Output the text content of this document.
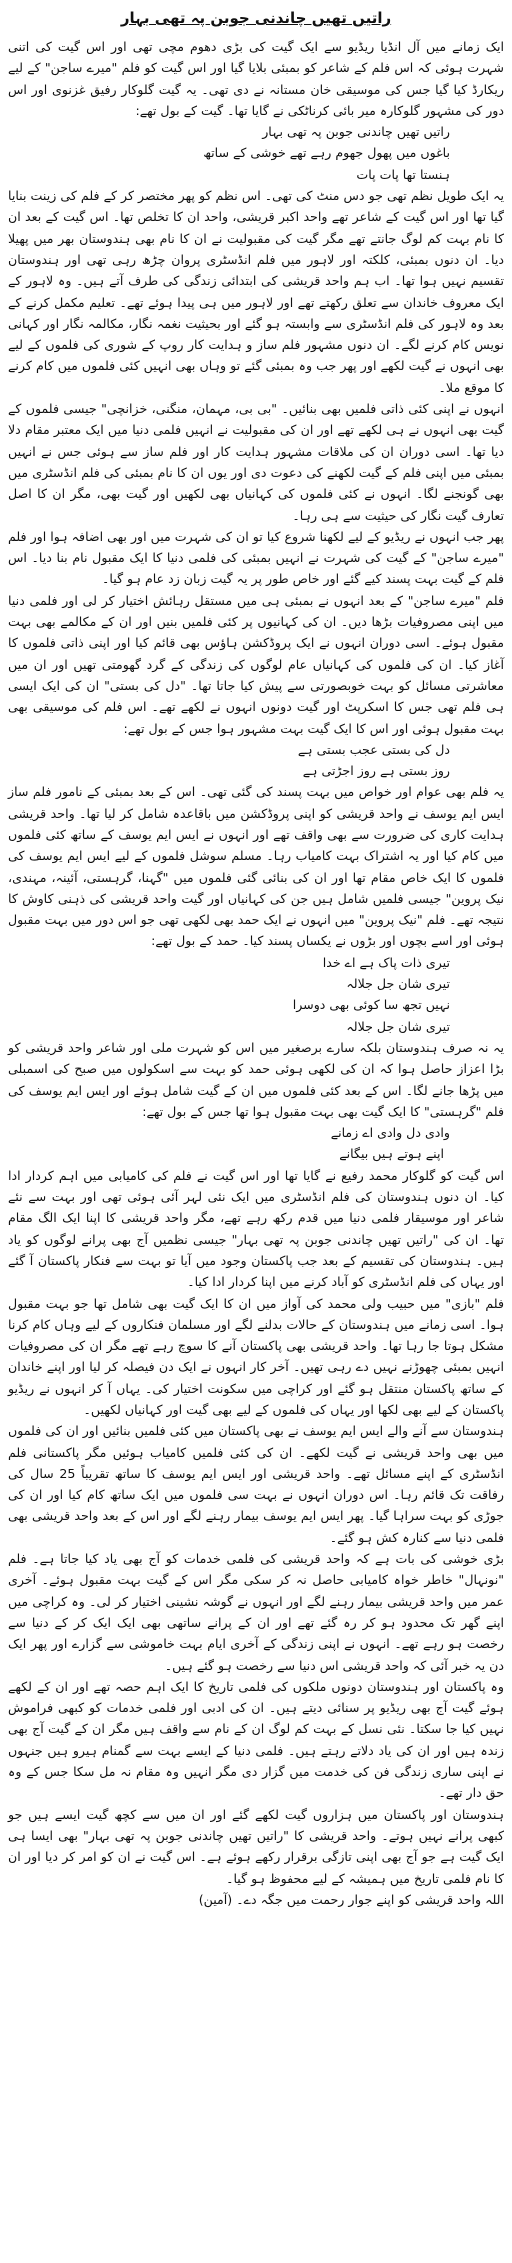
راتیں تھیں چاندنی جوبن پہ تھی بہار

ایک زمانے میں آل انڈیا ریڈیو سے ایک گیت کی بڑی دھوم مچی تھی اور اس گیت کی اتنی شہرت ہوئی کہ اس فلم کے شاعر کو بمبئی بلایا گیا اور اس گیت کو فلم "میرے ساجن" کے لیے ریکارڈ کیا گیا جس کی موسیقی خان مستانہ نے دی تھی۔ یہ گیت گلوکار رفیق غزنوی اور اس دور کی مشہور گلوکارہ میر بائی کرناٹکی نے گایا تھا۔ گیت کے بول تھے:

راتیں تھیں چاندنی جوبن پہ تھی بہار

باغوں میں پھول جھوم رہے تھے خوشی کے ساتھ

ہنستا تھا پات پات

یہ ایک طویل نظم تھی جو دس منٹ کی تھی۔ اس نظم کو پھر مختصر کر کے فلم کی زینت بنایا گیا تھا اور اس گیت کے شاعر تھے واحد اکبر قریشی، واحد ان کا تخلص تھا۔ اس گیت کے بعد ان کا نام بہت کم لوگ جانتے تھے مگر گیت کی مقبولیت نے ان کا نام بھی ہندوستان بھر میں پھیلا دیا۔ ان دنوں بمبئی، کلکتہ اور لاہور میں فلم انڈسٹری پروان چڑھ رہی تھی اور ہندوستان تقسیم نہیں ہوا تھا۔ اب ہم واحد قریشی کی ابتدائی زندگی کی طرف آتے ہیں۔ وہ لاہور کے ایک معروف خاندان سے تعلق رکھتے تھے اور لاہور میں ہی پیدا ہوئے تھے۔ تعلیم مکمل کرنے کے بعد وہ لاہور کی فلم انڈسٹری سے وابستہ ہو گئے اور بحیثیت نغمہ نگار، مکالمہ نگار اور کہانی نویس کام کرنے لگے۔ ان دنوں مشہور فلم ساز و ہدایت کار روپ کے شوری کی فلموں کے لیے بھی انہوں نے گیت لکھے اور پھر جب وہ بمبئی گئے تو وہاں بھی انہیں کئی فلموں میں کام کرنے کا موقع ملا۔

انہوں نے اپنی کئی ذاتی فلمیں بھی بنائیں۔ "بی بی، مہمان، منگنی، خزانچی" جیسی فلموں کے گیت بھی انہوں نے ہی لکھے تھے اور ان کی مقبولیت نے انہیں فلمی دنیا میں ایک معتبر مقام دلا دیا تھا۔ اسی دوران ان کی ملاقات مشہور ہدایت کار اور فلم ساز سے ہوئی جس نے انہیں بمبئی میں اپنی فلم کے گیت لکھنے کی دعوت دی اور یوں ان کا نام بمبئی کی فلم انڈسٹری میں بھی گونجنے لگا۔ انہوں نے کئی فلموں کی کہانیاں بھی لکھیں اور گیت بھی، مگر ان کا اصل تعارف گیت نگار کی حیثیت سے ہی رہا۔

پھر جب انہوں نے ریڈیو کے لیے لکھنا شروع کیا تو ان کی شہرت میں اور بھی اضافہ ہوا اور فلم "میرے ساجن" کے گیت کی شہرت نے انہیں بمبئی کی فلمی دنیا کا ایک مقبول نام بنا دیا۔ اس فلم کے گیت بہت پسند کیے گئے اور خاص طور پر یہ گیت زبان زد عام ہو گیا۔

فلم "میرے ساجن" کے بعد انہوں نے بمبئی ہی میں مستقل رہائش اختیار کر لی اور فلمی دنیا میں اپنی مصروفیات بڑھا دیں۔ ان کی کہانیوں پر کئی فلمیں بنیں اور ان کے مکالمے بھی بہت مقبول ہوئے۔ اسی دوران انہوں نے ایک پروڈکشن ہاؤس بھی قائم کیا اور اپنی ذاتی فلموں کا آغاز کیا۔ ان کی فلموں کی کہانیاں عام لوگوں کی زندگی کے گرد گھومتی تھیں اور ان میں معاشرتی مسائل کو بہت خوبصورتی سے پیش کیا جاتا تھا۔ "دل کی بستی" ان کی ایک ایسی ہی فلم تھی جس کا اسکرپٹ اور گیت دونوں انہوں نے لکھے تھے۔ اس فلم کی موسیقی بھی بہت مقبول ہوئی اور اس کا ایک گیت بہت مشہور ہوا جس کے بول تھے:

دل کی بستی عجب بستی ہے

روز بستی ہے روز اجڑتی ہے

یہ فلم بھی عوام اور خواص میں بہت پسند کی گئی تھی۔ اس کے بعد بمبئی کے نامور فلم ساز ایس ایم یوسف نے واحد قریشی کو اپنی پروڈکشن میں باقاعدہ شامل کر لیا تھا۔ واحد قریشی ہدایت کاری کی ضرورت سے بھی واقف تھے اور انہوں نے ایس ایم یوسف کے ساتھ کئی فلموں میں کام کیا اور یہ اشتراک بہت کامیاب رہا۔ مسلم سوشل فلموں کے لیے ایس ایم یوسف کی فلموں کا ایک خاص مقام تھا اور ان کی بنائی گئی فلموں میں "گہنا، گرہستی، آئینہ، مہندی، نیک پروین" جیسی فلمیں شامل ہیں جن کی کہانیاں اور گیت واحد قریشی کی ذہنی کاوش کا نتیجہ تھے۔ فلم "نیک پروین" میں انہوں نے ایک حمد بھی لکھی تھی جو اس دور میں بہت مقبول ہوئی اور اسے بچوں اور بڑوں نے یکساں پسند کیا۔ حمد کے بول تھے:

تیری ذات پاک ہے اے خدا

تیری شان جل جلالہ

نہیں تجھ سا کوئی بھی دوسرا

تیری شان جل جلالہ

یہ نہ صرف ہندوستان بلکہ سارے برصغیر میں اس کو شہرت ملی اور شاعر واحد قریشی کو بڑا اعزاز حاصل ہوا کہ ان کی لکھی ہوئی حمد کو بہت سے اسکولوں میں صبح کی اسمبلی میں پڑھا جانے لگا۔ اس کے بعد کئی فلموں میں ان کے گیت شامل ہوئے اور ایس ایم یوسف کی فلم "گرہستی" کا ایک گیت بھی بہت مقبول ہوا تھا جس کے بول تھے:

وادی دل وادی اے زمانے

اپنے ہوتے ہیں بیگانے

اس گیت کو گلوکار محمد رفیع نے گایا تھا اور اس گیت نے فلم کی کامیابی میں اہم کردار ادا کیا۔ ان دنوں ہندوستان کی فلم انڈسٹری میں ایک نئی لہر آئی ہوئی تھی اور بہت سے نئے شاعر اور موسیقار فلمی دنیا میں قدم رکھ رہے تھے، مگر واحد قریشی کا اپنا ایک الگ مقام تھا۔ ان کی "راتیں تھیں چاندنی جوبن پہ تھی بہار" جیسی نظمیں آج بھی پرانے لوگوں کو یاد ہیں۔ ہندوستان کی تقسیم کے بعد جب پاکستان وجود میں آیا تو بہت سے فنکار پاکستان آ گئے اور یہاں کی فلم انڈسٹری کو آباد کرنے میں اپنا کردار ادا کیا۔

فلم "بازی" میں حبیب ولی محمد کی آواز میں ان کا ایک گیت بھی شامل تھا جو بہت مقبول ہوا۔ اسی زمانے میں ہندوستان کے حالات بدلنے لگے اور مسلمان فنکاروں کے لیے وہاں کام کرنا مشکل ہوتا جا رہا تھا۔ واحد قریشی بھی پاکستان آنے کا سوچ رہے تھے مگر ان کی مصروفیات انہیں بمبئی چھوڑنے نہیں دے رہی تھیں۔ آخر کار انہوں نے ایک دن فیصلہ کر لیا اور اپنے خاندان کے ساتھ پاکستان منتقل ہو گئے اور کراچی میں سکونت اختیار کی۔ یہاں آ کر انہوں نے ریڈیو پاکستان کے لیے بھی لکھا اور یہاں کی فلموں کے لیے بھی گیت اور کہانیاں لکھیں۔

ہندوستان سے آنے والے ایس ایم یوسف نے بھی پاکستان میں کئی فلمیں بنائیں اور ان کی فلموں میں بھی واحد قریشی نے گیت لکھے۔ ان کی کئی فلمیں کامیاب ہوئیں مگر پاکستانی فلم انڈسٹری کے اپنے مسائل تھے۔ واحد قریشی اور ایس ایم یوسف کا ساتھ تقریباً 25 سال کی رفاقت تک قائم رہا۔ اس دوران انہوں نے بہت سی فلموں میں ایک ساتھ کام کیا اور ان کی جوڑی کو بہت سراہا گیا۔ پھر ایس ایم یوسف بیمار رہنے لگے اور اس کے بعد واحد قریشی بھی فلمی دنیا سے کنارہ کش ہو گئے۔

بڑی خوشی کی بات ہے کہ واحد قریشی کی فلمی خدمات کو آج بھی یاد کیا جاتا ہے۔ فلم "نونہال" خاطر خواہ کامیابی حاصل نہ کر سکی مگر اس کے گیت بہت مقبول ہوئے۔ آخری عمر میں واحد قریشی بیمار رہنے لگے اور انہوں نے گوشہ نشینی اختیار کر لی۔ وہ کراچی میں اپنے گھر تک محدود ہو کر رہ گئے تھے اور ان کے پرانے ساتھی بھی ایک ایک کر کے دنیا سے رخصت ہو رہے تھے۔ انہوں نے اپنی زندگی کے آخری ایام بہت خاموشی سے گزارے اور پھر ایک دن یہ خبر آئی کہ واحد قریشی اس دنیا سے رخصت ہو گئے ہیں۔

وہ پاکستان اور ہندوستان دونوں ملکوں کی فلمی تاریخ کا ایک اہم حصہ تھے اور ان کے لکھے ہوئے گیت آج بھی ریڈیو پر سنائی دیتے ہیں۔ ان کی ادبی اور فلمی خدمات کو کبھی فراموش نہیں کیا جا سکتا۔ نئی نسل کے بہت کم لوگ ان کے نام سے واقف ہیں مگر ان کے گیت آج بھی زندہ ہیں اور ان کی یاد دلاتے رہتے ہیں۔ فلمی دنیا کے ایسے بہت سے گمنام ہیرو ہیں جنہوں نے اپنی ساری زندگی فن کی خدمت میں گزار دی مگر انہیں وہ مقام نہ مل سکا جس کے وہ حق دار تھے۔

ہندوستان اور پاکستان میں ہزاروں گیت لکھے گئے اور ان میں سے کچھ گیت ایسے ہیں جو کبھی پرانے نہیں ہوتے۔ واحد قریشی کا "راتیں تھیں چاندنی جوبن پہ تھی بہار" بھی ایسا ہی ایک گیت ہے جو آج بھی اپنی تازگی برقرار رکھے ہوئے ہے۔ اس گیت نے ان کو امر کر دیا اور ان کا نام فلمی تاریخ میں ہمیشہ کے لیے محفوظ ہو گیا۔

اللہ واحد قریشی کو اپنے جوار رحمت میں جگہ دے۔ (آمین)
